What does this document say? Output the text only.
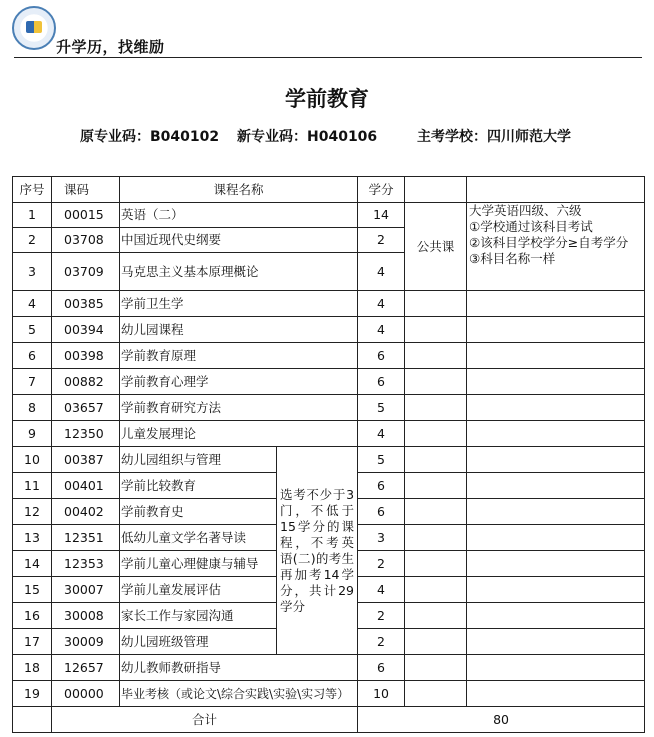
升学历，找维励
学前教育
原专业码：B040102 新专业码：H040106	主考学校：四川师范大学
序号	课码	课程名称		学分		
1	00015	英语（二）		14	公共课	大学英语四级、六级
①学校通过该科目考试
②该科目学校学分≥自考学分
③科目名称一样

2	03708	中国近现代史纲要		2		
3	03709	马克思主义基本原理概论		4		
4	00385	学前卫生学		4		
5	00394	幼儿园课程		4		
6	00398	学前教育原理		6		
7	00882	学前教育心理学		6		
8	03657	学前教育研究方法		5		
9	12350	儿童发展理论		4		
10	00387	幼儿园组织与管理	选考不少于3门，不低于15学分的课程，不考英语(二)的考生再加考14学分，共计29学分	5		
11	00401	学前比较教育		6		
12	00402	学前教育史		6		
13	12351	低幼儿童文学名著导读		3		
14	12353	学前儿童心理健康与辅导		2		
15	30007	学前儿童发展评估		4		
16	30008	家长工作与家园沟通		2		
17	30009	幼儿园班级管理		2		
18	12657	幼儿教师教研指导		6		
19	00000	毕业考核（或论文\综合实践\实验\实习等）		10		
	合计			80		
